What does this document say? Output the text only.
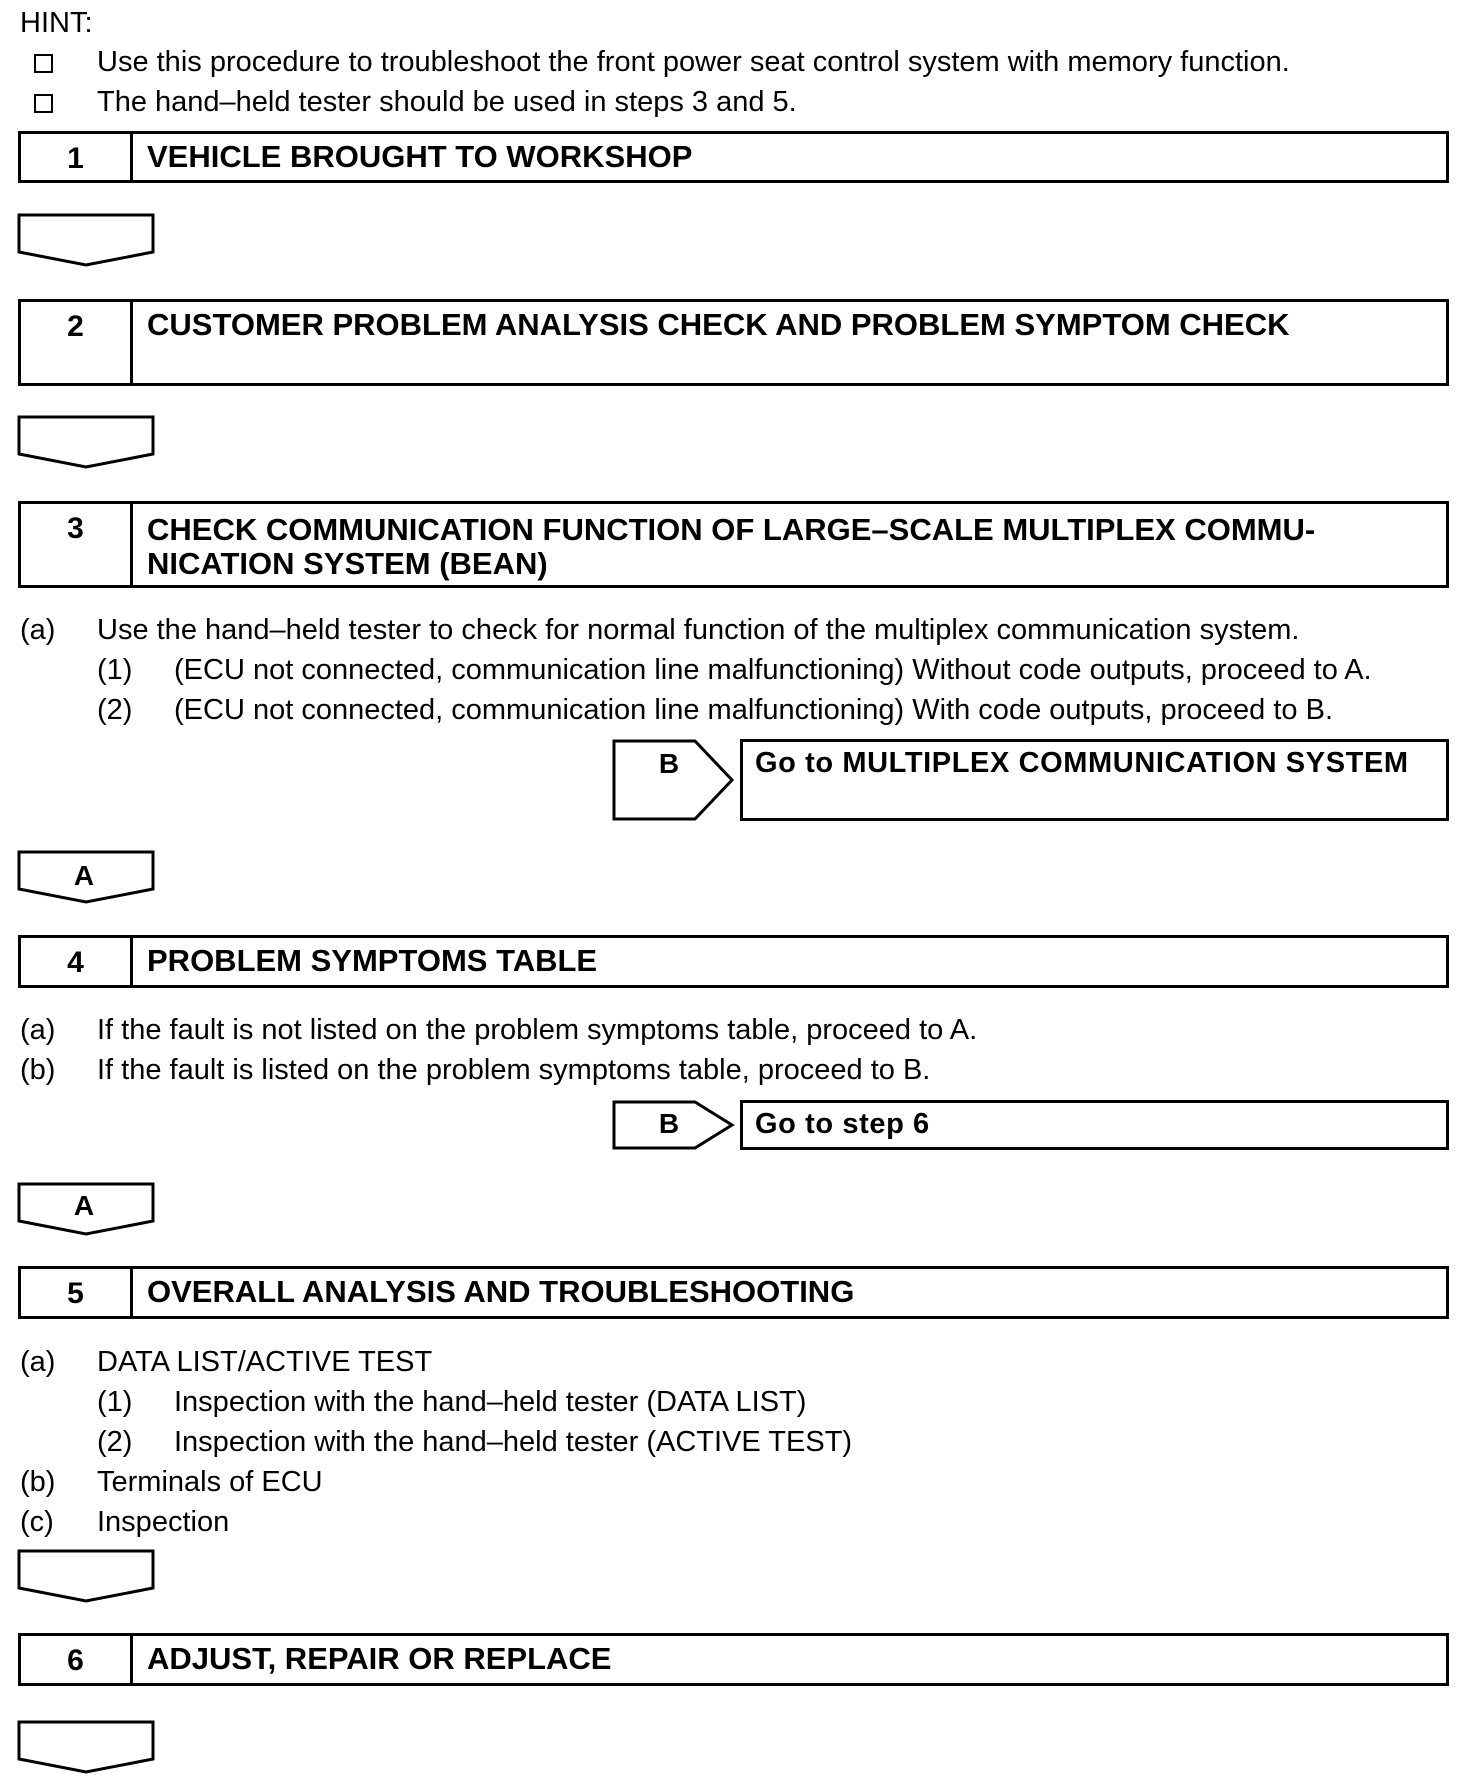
HINT:
Use this procedure to troubleshoot the front power seat control system with memory function.
The hand–held tester should be used in steps 3 and 5.
1	VEHICLE BROUGHT TO WORKSHOP
2	CUSTOMER PROBLEM ANALYSIS CHECK AND PROBLEM SYMPTOM CHECK
3	CHECK COMMUNICATION FUNCTION OF LARGE–SCALE MULTIPLEX COMMU-
NICATION SYSTEM (BEAN)
(a) Use the hand–held tester to check for normal function of the multiplex communication system.
(1) (ECU not connected, communication line malfunctioning) Without code outputs, proceed to A.
(2) (ECU not connected, communication line malfunctioning) With code outputs, proceed to B.
B	Go to MULTIPLEX COMMUNICATION SYSTEM
A
4	PROBLEM SYMPTOMS TABLE
(a) If the fault is not listed on the problem symptoms table, proceed to A.
(b) If the fault is listed on the problem symptoms table, proceed to B.
B	Go to step 6
A
5	OVERALL ANALYSIS AND TROUBLESHOOTING
(a) DATA LIST/ACTIVE TEST
(1) Inspection with the hand–held tester (DATA LIST)
(2) Inspection with the hand–held tester (ACTIVE TEST)
(b) Terminals of ECU
(c) Inspection
6	ADJUST, REPAIR OR REPLACE
